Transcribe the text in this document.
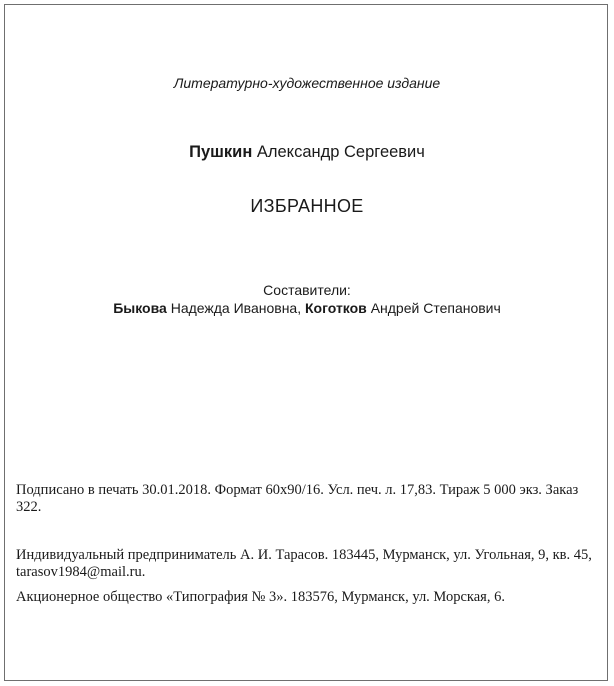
Литературно-художественное издание
Пушкин Александр Сергеевич
ИЗБРАННОЕ
Составители:
Быкова Надежда Ивановна, Коготков Андрей Степанович
Подписано в печать 30.01.2018. Формат 60x90/16. Усл. печ. л. 17,83. Тираж 5 000 экз. Заказ 322.
Индивидуальный предприниматель А. И. Тарасов. 183445, Мурманск, ул. Угольная, 9, кв. 45, tarasov1984@mail.ru.
Акционерное общество «Типография № 3». 183576, Мурманск, ул. Морская, 6.
